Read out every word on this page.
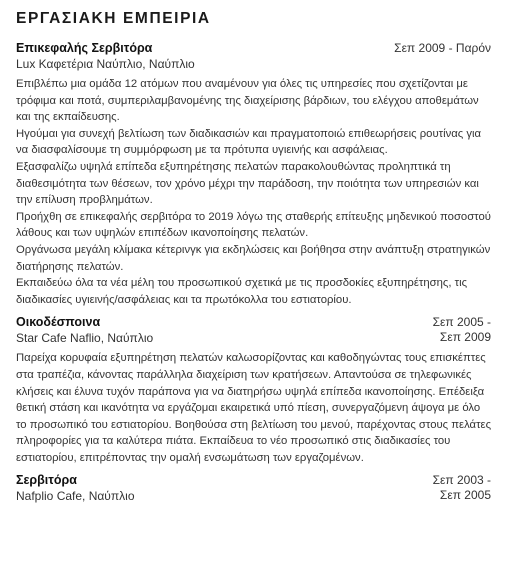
ΕΡΓΑΣΙΑΚΗ ΕΜΠΕΙΡΙΑ
Επικεφαλής Σερβιτόρα
Lux Καφετέρια Ναύπλιο, Ναύπλιο
Σεπ 2009 - Παρόν

Επιβλέπω μια ομάδα 12 ατόμων που αναμένουν για όλες τις υπηρεσίες που σχετίζονται με τρόφιμα και ποτά, συμπεριλαμβανομένης της διαχείρισης βάρδιων, του ελέγχου αποθεμάτων και της εκπαίδευσης.

Ηγούμαι για συνεχή βελτίωση των διαδικασιών και πραγματοποιώ επιθεωρήσεις ρουτίνας για να διασφαλίσουμε τη συμμόρφωση με τα πρότυπα υγιεινής και ασφάλειας.

Εξασφαλίζω υψηλά επίπεδα εξυπηρέτησης πελατών παρακολουθώντας προληπτικά τη διαθεσιμότητα των θέσεων, τον χρόνο μέχρι την παράδοση, την ποιότητα των υπηρεσιών και την επίλυση προβλημάτων.

Προήχθη σε επικεφαλής σερβιτόρα το 2019 λόγω της σταθερής επίτευξης μηδενικού ποσοστού λάθους και των υψηλών επιπέδων ικανοποίησης πελατών.

Οργάνωσα μεγάλη κλίμακα κέτερινγκ για εκδηλώσεις και βοήθησα στην ανάπτυξη στρατηγικών διατήρησης πελατών.

Εκπαιδεύω όλα τα νέα μέλη του προσωπικού σχετικά με τις προσδοκίες εξυπηρέτησης, τις διαδικασίες υγιεινής/ασφάλειας και τα πρωτόκολλα του εστιατορίου.

Οικοδέσποινα
Star Cafe Naflio, Ναύπλιο
Σεπ 2005 - Σεπ 2009

Παρείχα κορυφαία εξυπηρέτηση πελατών καλωσορίζοντας και καθοδηγώντας τους επισκέπτες στα τραπέζια, κάνοντας παράλληλα διαχείριση των κρατήσεων. Απαντούσα σε τηλεφωνικές κλήσεις και έλυνα τυχόν παράπονα για να διατηρήσω υψηλά επίπεδα ικανοποίησης. Επέδειξα θετική στάση και ικανότητα να εργάζομαι εκαιρετικά υπό πίεση, συνεργαζόμενη άψογα με όλο το προσωπικό του εστιατορίου. Βοηθούσα στη βελτίωση του μενού, παρέχοντας στους πελάτες πληροφορίες για τα καλύτερα πιάτα. Εκπαίδευα το νέο προσωπικό στις διαδικασίες του εστιατορίου, επιτρέποντας την ομαλή ενσωμάτωση των εργαζομένων.

Σερβιτόρα
Nafplio Cafe, Ναύπλιο
Σεπ 2003 - Σεπ 2005
